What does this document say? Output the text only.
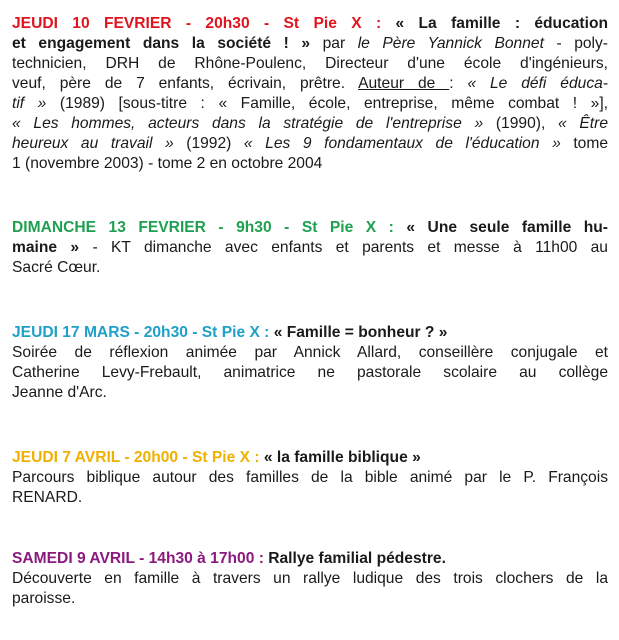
JEUDI 10 FEVRIER - 20h30 - St Pie X : « La famille : éducation
et engagement dans la société ! » par le Père Yannick Bonnet - poly-
technicien, DRH de Rhône-Poulenc, Directeur d'une école d'ingénieurs,
veuf, père de 7 enfants, écrivain, prêtre. Auteur de : « Le défi éduca-
tif » (1989) [sous-titre : « Famille, école, entreprise, même combat ! »],
« Les hommes, acteurs dans la stratégie de l'entreprise » (1990), « Être
heureux au travail » (1992) « Les 9 fondamentaux de l'éducation » tome
1 (novembre 2003) - tome 2 en octobre 2004
DIMANCHE 13 FEVRIER - 9h30 - St Pie X : « Une seule famille hu-
maine » - KT dimanche avec enfants et parents et messe à 11h00 au
Sacré Cœur.
JEUDI 17 MARS - 20h30 - St Pie X : « Famille = bonheur ? »
Soirée de réflexion animée par Annick Allard, conseillère conjugale et
Catherine Levy-Frebault, animatrice ne pastorale scolaire au collège
Jeanne d'Arc.
JEUDI 7 AVRIL - 20h00 - St Pie X : « la famille biblique »
Parcours biblique autour des familles de la bible animé par le P. François
RENARD.
SAMEDI 9 AVRIL - 14h30 à 17h00 : Rallye familial pédestre.
Découverte en famille à travers un rallye ludique des trois clochers de la
paroisse.
